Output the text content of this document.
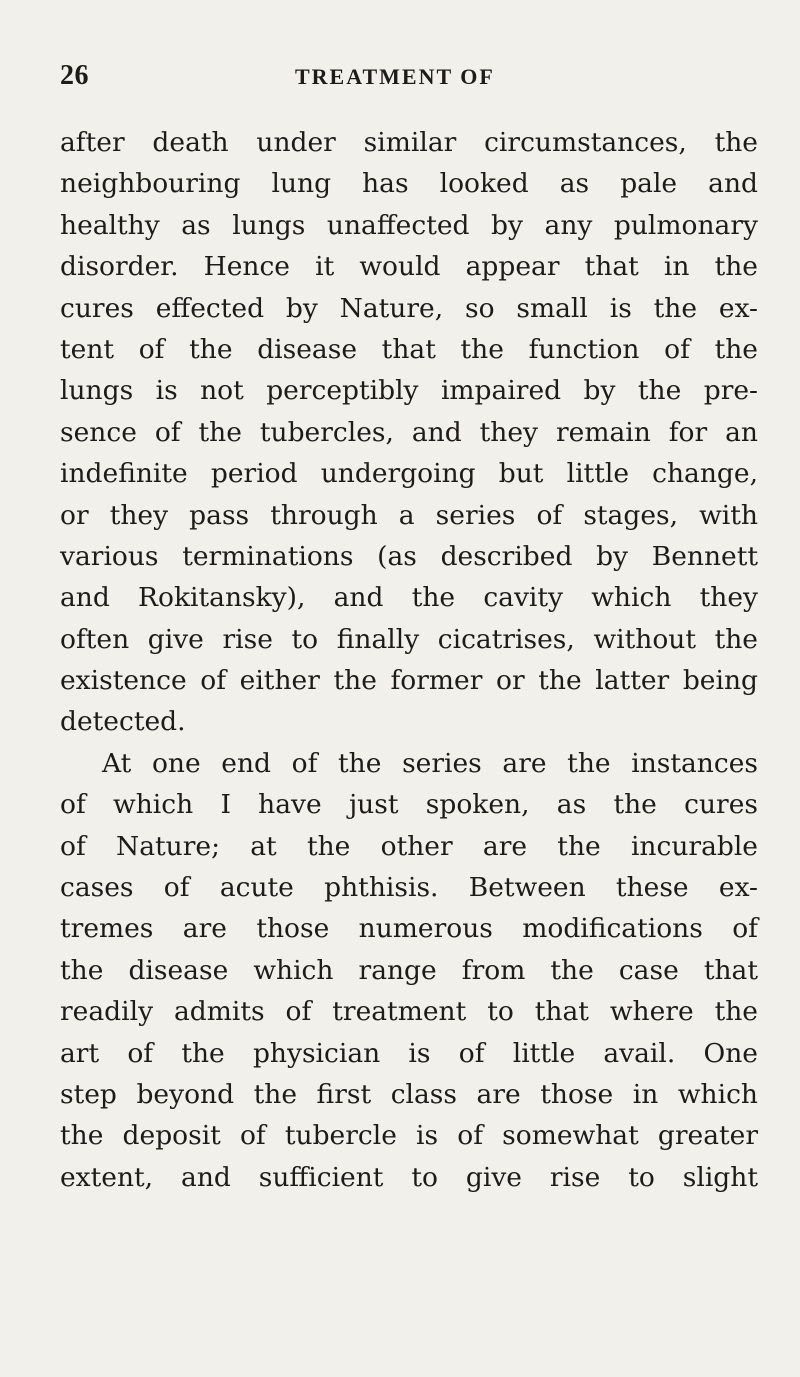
26	TREATMENT OF
after death under similar circumstances, the
neighbouring lung has looked as pale and
healthy as lungs unaffected by any pulmonary
disorder. Hence it would appear that in the
cures effected by Nature, so small is the ex-
tent of the disease that the function of the
lungs is not perceptibly impaired by the pre-
sence of the tubercles, and they remain for an
indefinite period undergoing but little change,
or they pass through a series of stages, with
various terminations (as described by Bennett
and Rokitansky), and the cavity which they
often give rise to finally cicatrises, without the
existence of either the former or the latter being
detected.
At one end of the series are the instances
of which I have just spoken, as the cures
of Nature; at the other are the incurable
cases of acute phthisis. Between these ex-
tremes are those numerous modifications of
the disease which range from the case that
readily admits of treatment to that where the
art of the physician is of little avail. One
step beyond the first class are those in which
the deposit of tubercle is of somewhat greater
extent, and sufficient to give rise to slight
